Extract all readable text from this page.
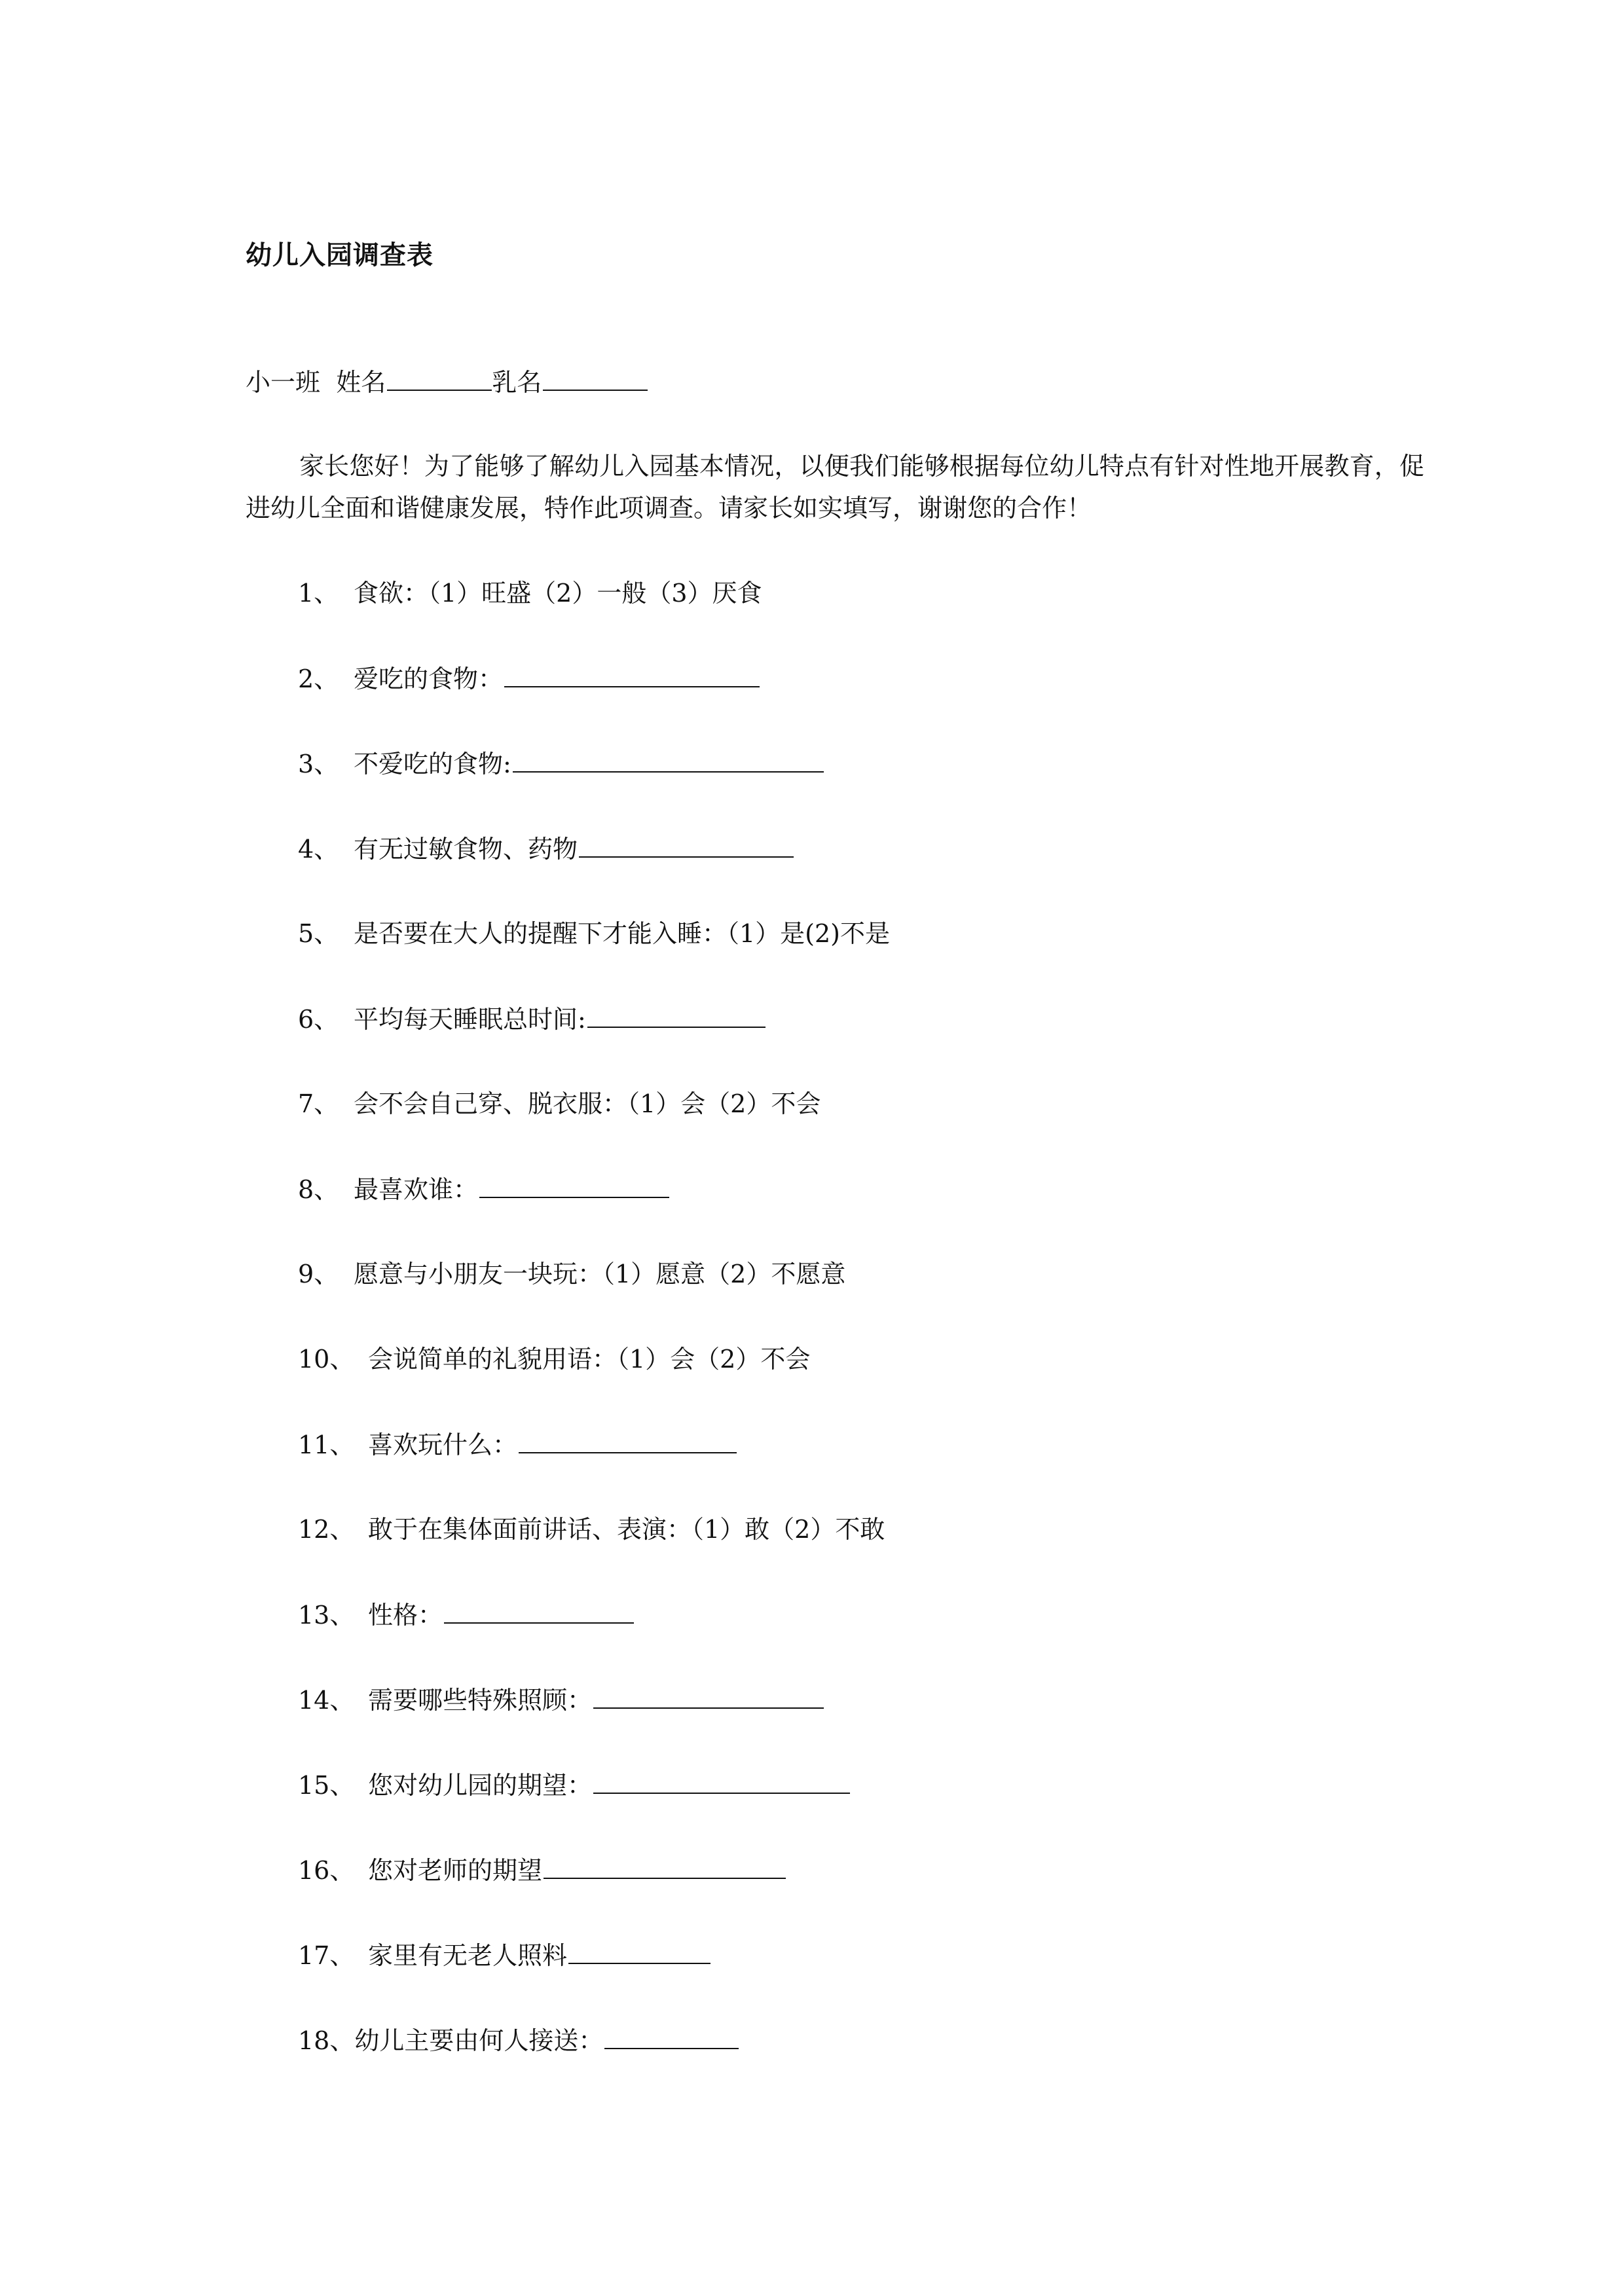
幼儿入园调查表
小一班 姓名	乳名
家长您好！为了能够了解幼儿入园基本情况，以便我们能够根据每位幼儿特点有针对性地开展教育，促进幼儿全面和谐健康发展，特作此项调查。请家长如实填写，谢谢您的合作！
1、 食欲：（1）旺盛（2）一般（3）厌食
2、 爱吃的食物：
3、 不爱吃的食物:
4、 有无过敏食物、药物
5、 是否要在大人的提醒下才能入睡：（1）是(2)不是
6、 平均每天睡眠总时间:
7、 会不会自己穿、脱衣服：（1）会（2）不会
8、 最喜欢谁：
9、 愿意与小朋友一块玩：（1）愿意（2）不愿意
10、 会说简单的礼貌用语：（1）会（2）不会
11、 喜欢玩什么：
12、 敢于在集体面前讲话、表演：（1）敢（2）不敢
13、 性格：
14、 需要哪些特殊照顾：
15、 您对幼儿园的期望：
16、 您对老师的期望
17、 家里有无老人照料
18、 幼儿主要由何人接送：
